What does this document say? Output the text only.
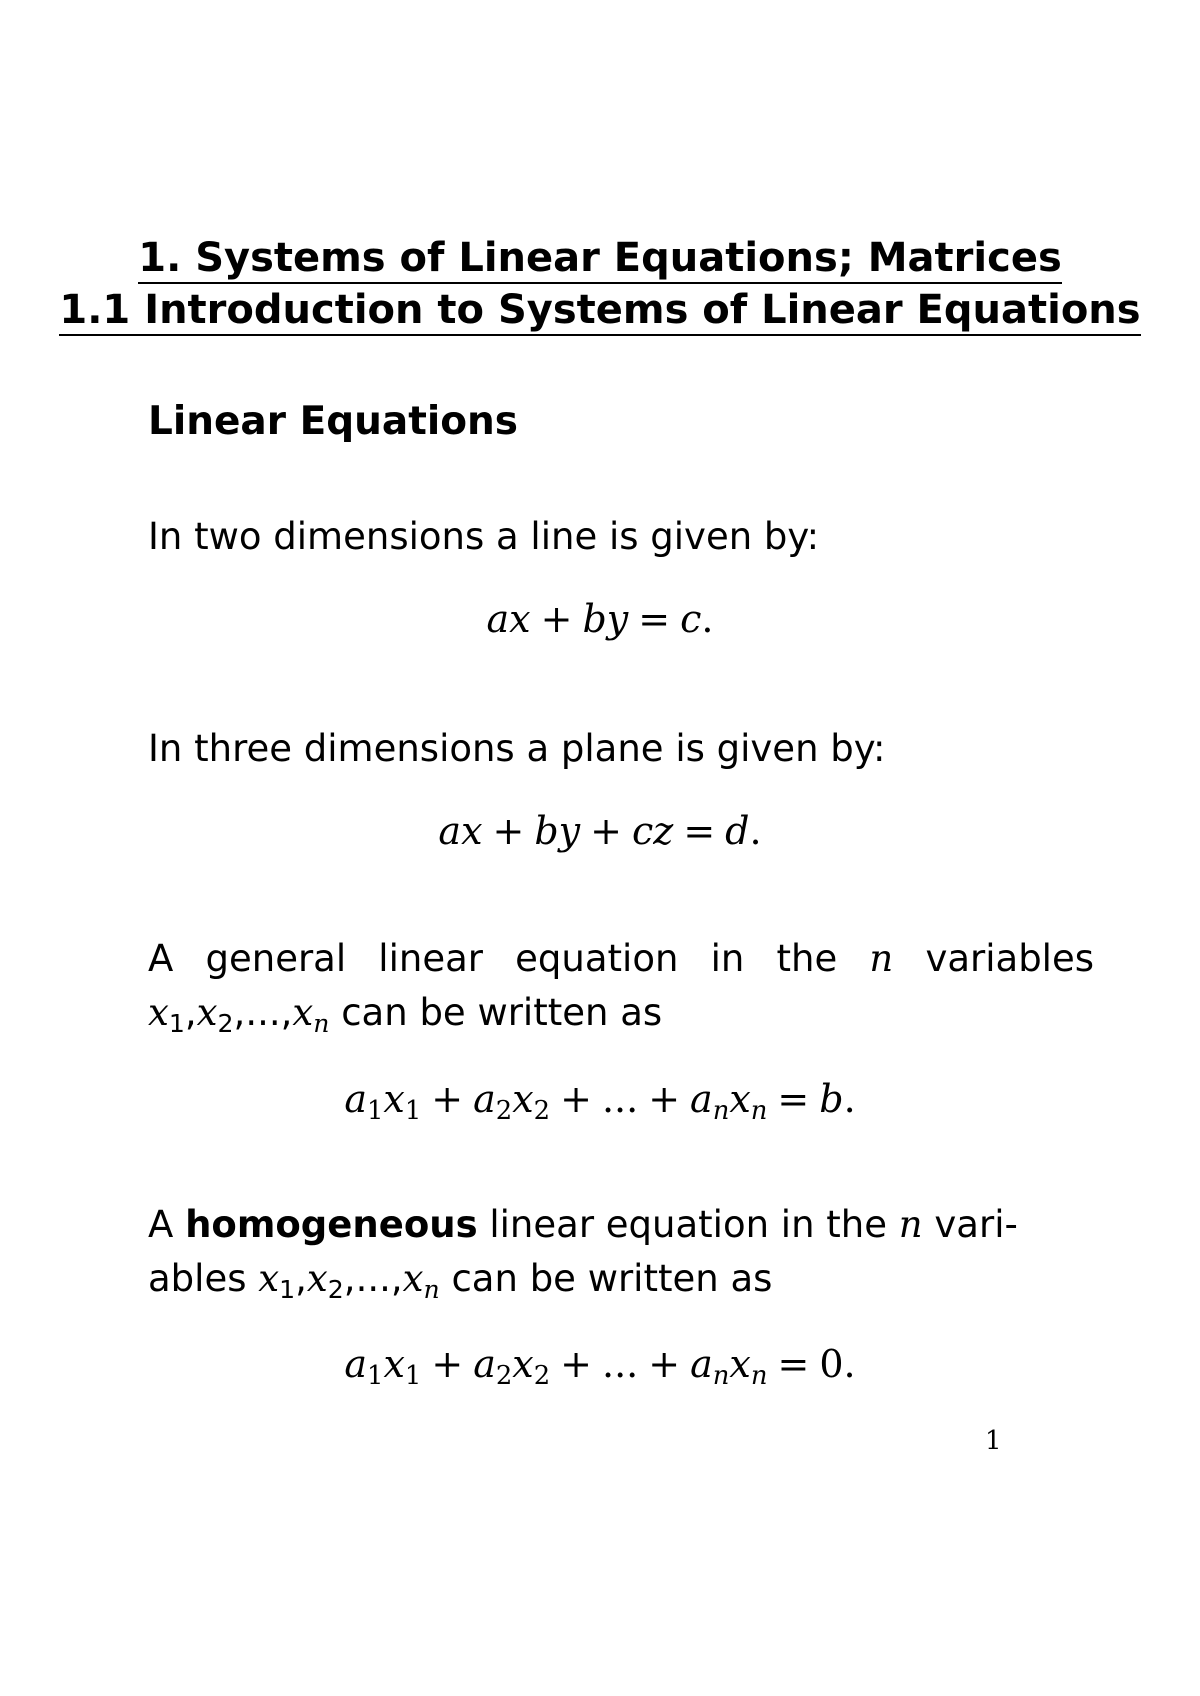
1. Systems of Linear Equations; Matrices
1.1 Introduction to Systems of Linear Equations
Linear Equations
In two dimensions a line is given by:
ax + by = c.
In three dimensions a plane is given by:
ax + by + cz = d.
A general linear equation in the n variables
$x_1,x_2,...,x_n$ can be written as
$a_1x_1 + a_2x_2$ + ... + $a_nx_n = b$.
A homogeneous linear equation in the n vari-
ables $x_1,x_2,...,x_n$ can be written as
$a_1x_1 + a_2x_2$ + ... + $a_nx_n = 0$.
1
